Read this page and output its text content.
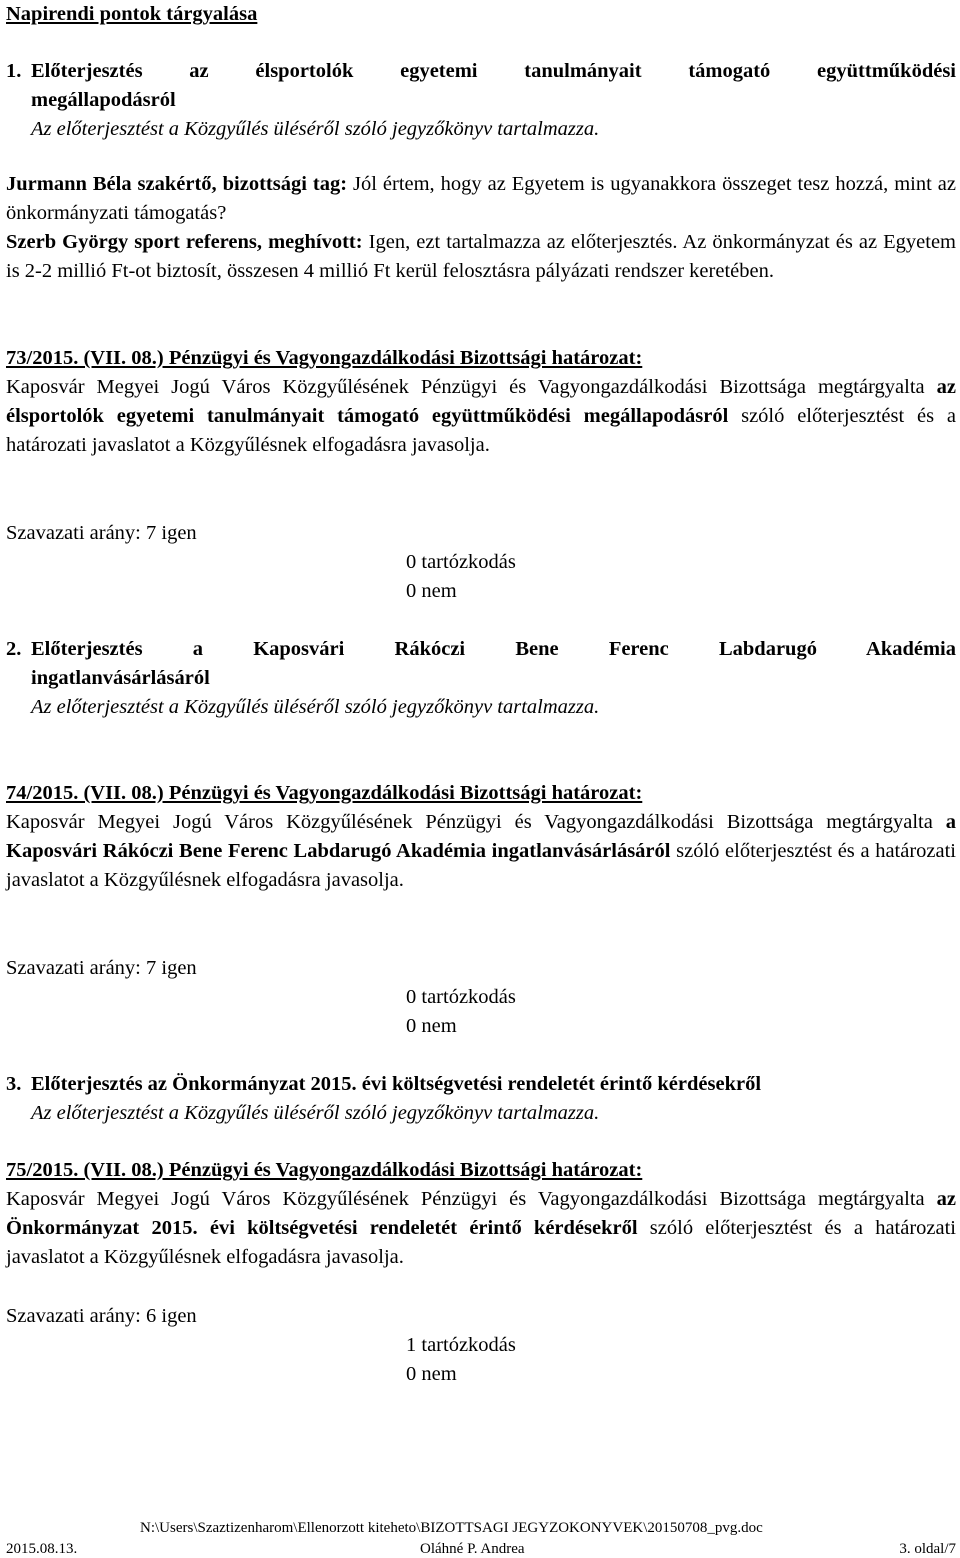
Napirendi pontok tárgyalása
1. Előterjesztés az élsportolók egyetemi tanulmányait támogató együttműködési
megállapodásról
Az előterjesztést a Közgyűlés üléséről szóló jegyzőkönyv tartalmazza.
Jurmann Béla szakértő, bizottsági tag: Jól értem, hogy az Egyetem is ugyanakkora összeget tesz hozzá, mint az önkormányzati támogatás?
Szerb György sport referens, meghívott: Igen, ezt tartalmazza az előterjesztés. Az önkormányzat és az Egyetem is 2-2 millió Ft-ot biztosít, összesen 4 millió Ft kerül felosztásra pályázati rendszer keretében.
73/2015. (VII. 08.) Pénzügyi és Vagyongazdálkodási Bizottsági határozat:
Kaposvár Megyei Jogú Város Közgyűlésének Pénzügyi és Vagyongazdálkodási Bizottsága megtárgyalta az élsportolók egyetemi tanulmányait támogató együttműködési megállapodásról szóló előterjesztést és a határozati javaslatot a Közgyűlésnek elfogadásra javasolja.
Szavazati arány: 7 igen
0 tartózkodás
0 nem
2. Előterjesztés a Kaposvári Rákóczi Bene Ferenc Labdarugó Akadémia
ingatlanvásárlásáról
Az előterjesztést a Közgyűlés üléséről szóló jegyzőkönyv tartalmazza.
74/2015. (VII. 08.) Pénzügyi és Vagyongazdálkodási Bizottsági határozat:
Kaposvár Megyei Jogú Város Közgyűlésének Pénzügyi és Vagyongazdálkodási Bizottsága megtárgyalta a Kaposvári Rákóczi Bene Ferenc Labdarugó Akadémia ingatlanvásárlásáról szóló előterjesztést és a határozati javaslatot a Közgyűlésnek elfogadásra javasolja.
Szavazati arány: 7 igen
0 tartózkodás
0 nem
3. Előterjesztés az Önkormányzat 2015. évi költségvetési rendeletét érintő kérdésekről
Az előterjesztést a Közgyűlés üléséről szóló jegyzőkönyv tartalmazza.
75/2015. (VII. 08.) Pénzügyi és Vagyongazdálkodási Bizottsági határozat:
Kaposvár Megyei Jogú Város Közgyűlésének Pénzügyi és Vagyongazdálkodási Bizottsága megtárgyalta az Önkormányzat 2015. évi költségvetési rendeletét érintő kérdésekről szóló előterjesztést és a határozati javaslatot a Közgyűlésnek elfogadásra javasolja.
Szavazati arány: 6 igen
1 tartózkodás
0 nem
N:\Users\Szaztizenharom\Ellenorzott kiteheto\BIZOTTSAGI JEGYZOKONYVEK\20150708_pvg.doc
2015.08.13.	Oláhné P. Andrea	3. oldal/7
